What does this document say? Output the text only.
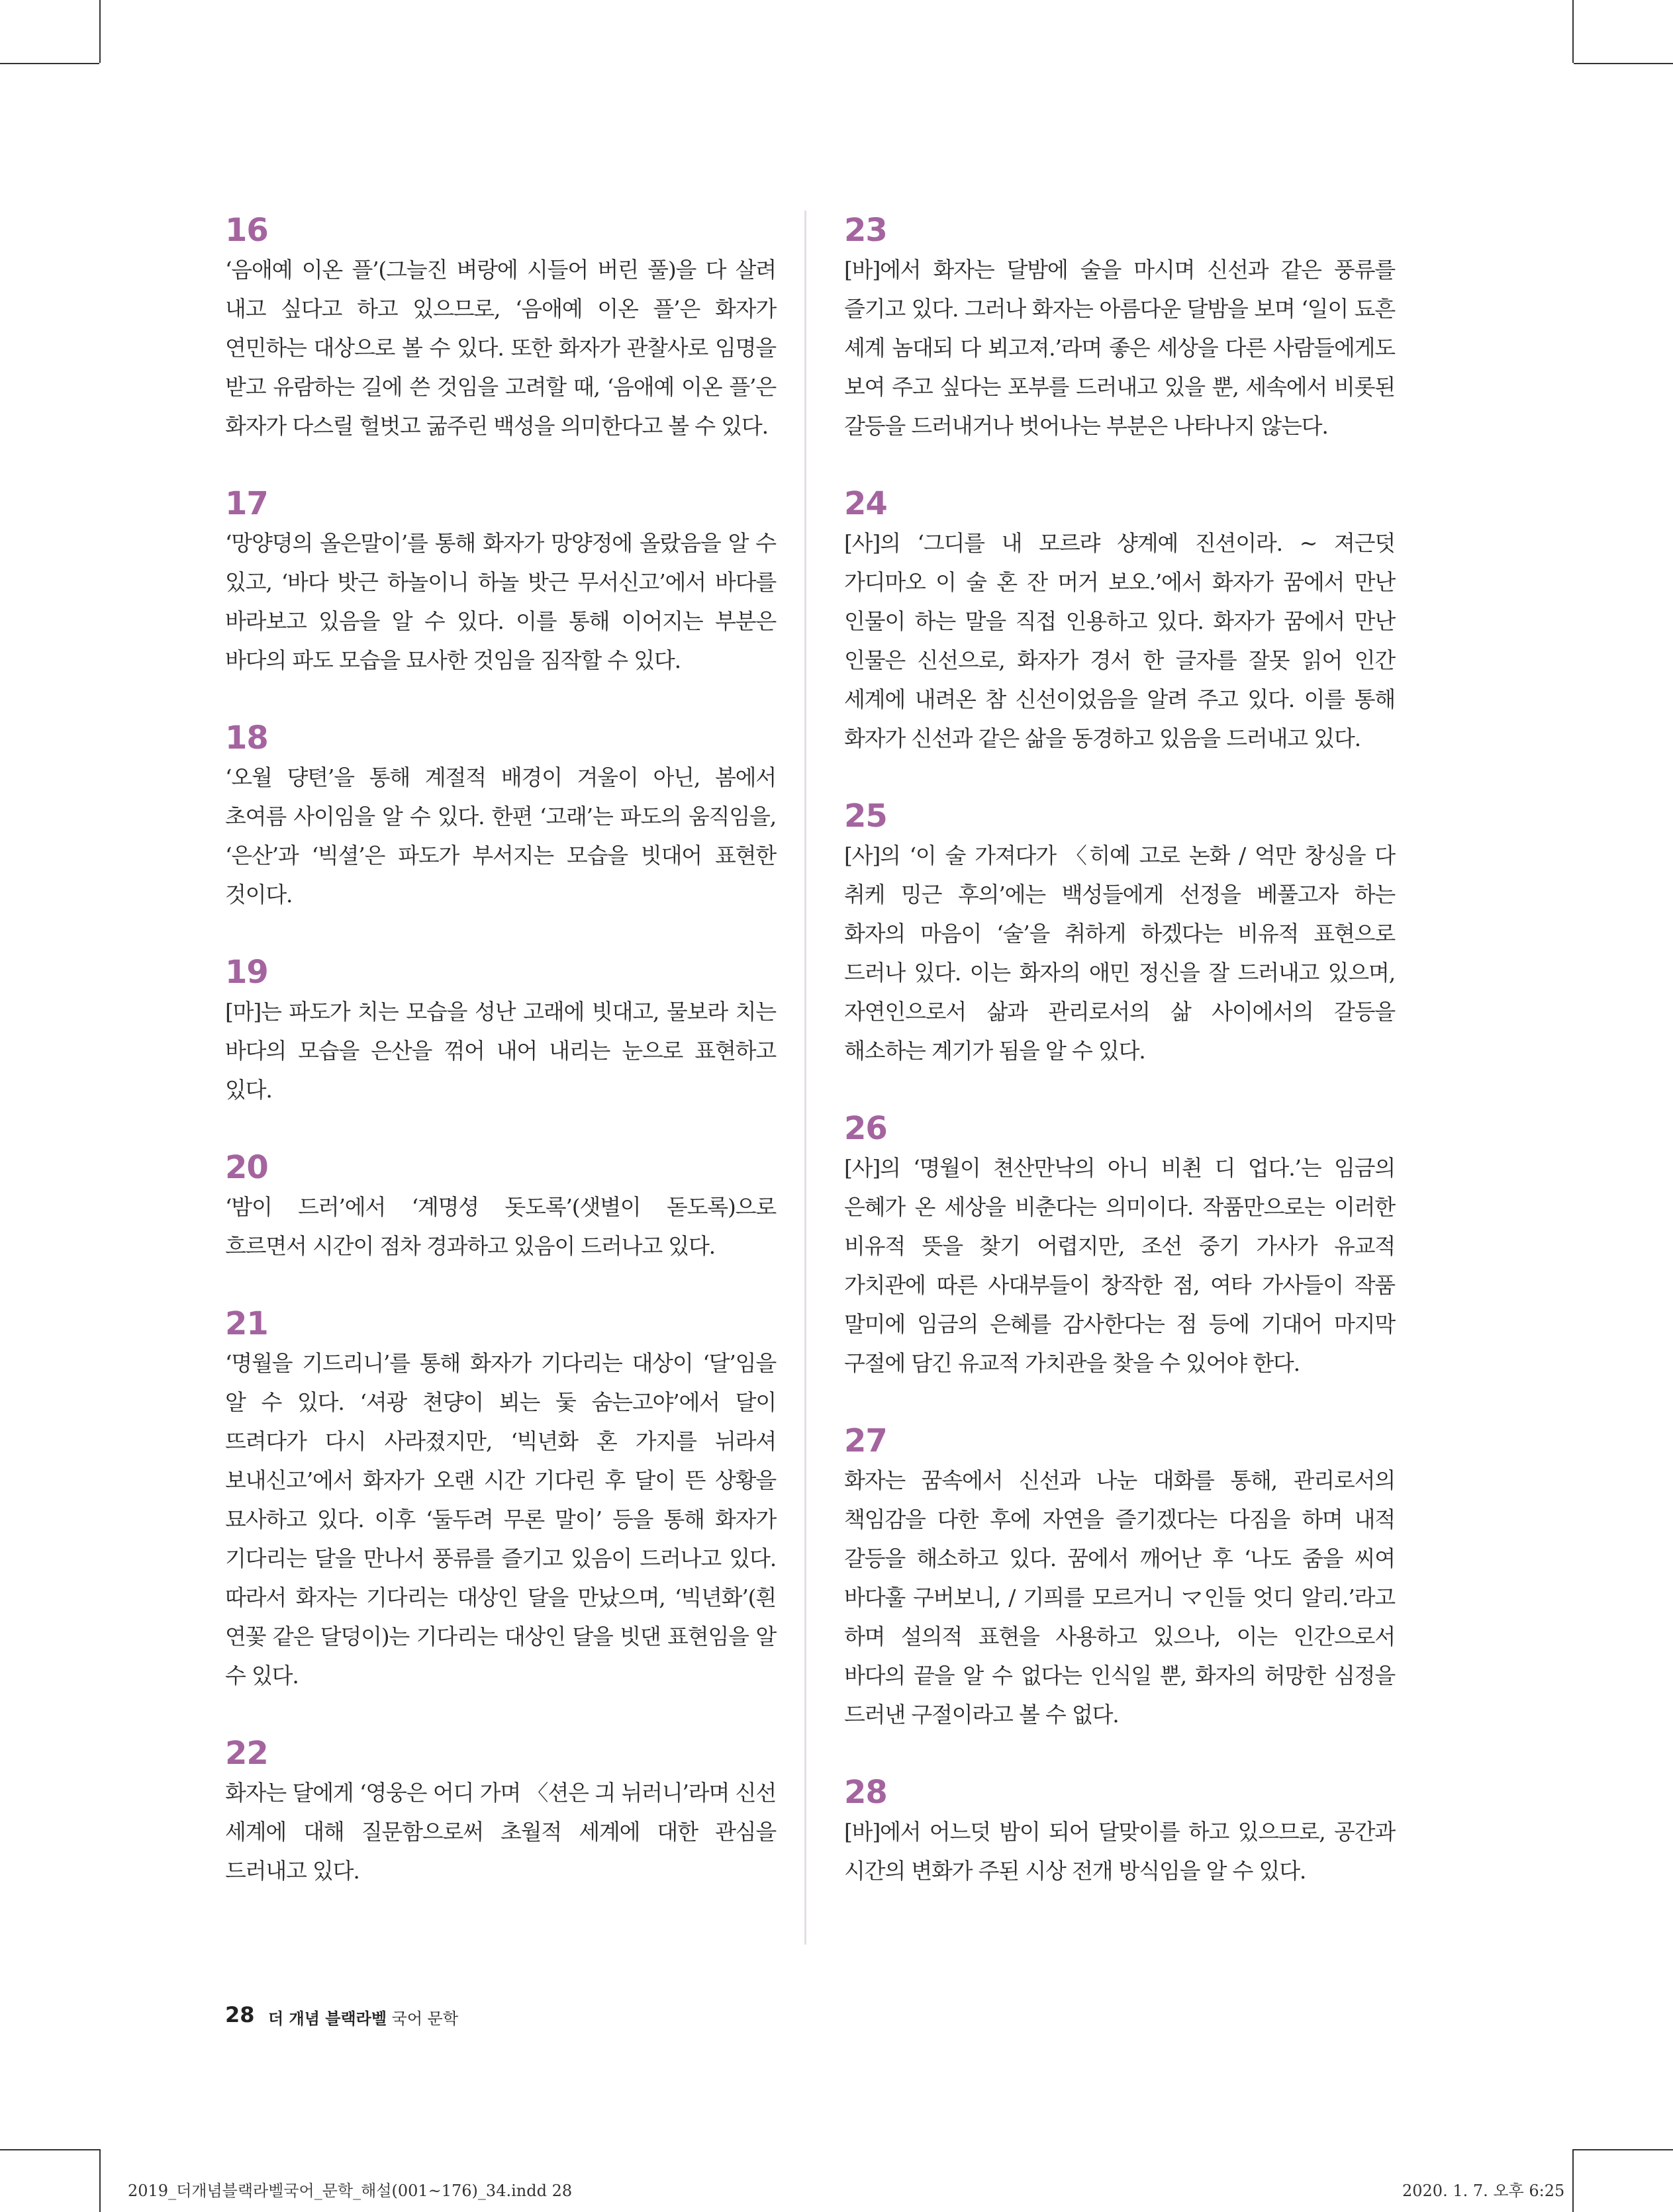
16

‘음애예 이온 플’(그늘진 벼랑에 시들어 버린 풀)을 다 살려 내고 싶다고 하고 있으므로, ‘음애예 이온 플’은 화자가 연민하는 대상으로 볼 수 있다. 또한 화자가 관찰사로 임명을 받고 유람하는 길에 쓴 것임을 고려할 때, ‘음애예 이온 플’은 화자가 다스릴 헐벗고 굶주린 백성을 의미한다고 볼 수 있다.

17

‘망양뎡의 올은말이’를 통해 화자가 망양정에 올랐음을 알 수 있고, ‘바다 밧근 하놀이니 하놀 밧근 무서신고’에서 바다를 바라보고 있음을 알 수 있다. 이를 통해 이어지는 부분은 바다의 파도 모습을 묘사한 것임을 짐작할 수 있다.

18

‘오월 댱텬’을 통해 계절적 배경이 겨울이 아닌, 봄에서 초여름 사이임을 알 수 있다. 한편 ‘고래’는 파도의 움직임을, ‘은산’과 ‘빅셜’은 파도가 부서지는 모습을 빗대어 표현한 것이다.

19

[마]는 파도가 치는 모습을 성난 고래에 빗대고, 물보라 치는 바다의 모습을 은산을 꺾어 내어 내리는 눈으로 표현하고 있다.

20

‘밤이 드러’에서 ‘계명셩 돗도록’(샛별이 돋도록)으로 흐르면서 시간이 점차 경과하고 있음이 드러나고 있다.

21

‘명월을 기드리니’를 통해 화자가 기다리는 대상이 ‘달’임을 알 수 있다. ‘셔광 쳔댱이 뵈는 둧 숨는고야’에서 달이 뜨려다가 다시 사라졌지만, ‘빅년화 혼 가지를 뉘라셔 보내신고’에서 화자가 오랜 시간 기다린 후 달이 뜬 상황을 묘사하고 있다. 이후 ‘둘두려 무론 말이’ 등을 통해 화자가 기다리는 달을 만나서 풍류를 즐기고 있음이 드러나고 있다. 따라서 화자는 기다리는 대상인 달을 만났으며, ‘빅년화’(흰 연꽃 같은 달덩이)는 기다리는 대상인 달을 빗댄 표현임을 알 수 있다.

22

화자는 달에게 ‘영웅은 어디 가며 〈션은 긔 뉘러니’라며 신선 세계에 대해 질문함으로써 초월적 세계에 대한 관심을 드러내고 있다.

23

[바]에서 화자는 달밤에 술을 마시며 신선과 같은 풍류를 즐기고 있다. 그러나 화자는 아름다운 달밤을 보며 ‘일이 됴흔 셰계 놈대되 다 뵈고져.’라며 좋은 세상을 다른 사람들에게도 보여 주고 싶다는 포부를 드러내고 있을 뿐, 세속에서 비롯된 갈등을 드러내거나 벗어나는 부분은 나타나지 않는다.

24

[사]의 ‘그디를 내 모르랴 샹계예 진션이라. ~ 져근덧 가디마오 이 술 혼 잔 머거 보오.’에서 화자가 꿈에서 만난 인물이 하는 말을 직접 인용하고 있다. 화자가 꿈에서 만난 인물은 신선으로, 화자가 경서 한 글자를 잘못 읽어 인간 세계에 내려온 참 신선이었음을 알려 주고 있다. 이를 통해 화자가 신선과 같은 삶을 동경하고 있음을 드러내고 있다.

25

[사]의 ‘이 술 가져다가 〈히예 고로 논화 / 억만 창싱을 다 취케 밍근 후의’에는 백성들에게 선정을 베풀고자 하는 화자의 마음이 ‘술’을 취하게 하겠다는 비유적 표현으로 드러나 있다. 이는 화자의 애민 정신을 잘 드러내고 있으며, 자연인으로서 삶과 관리로서의 삶 사이에서의 갈등을 해소하는 계기가 됨을 알 수 있다.

26

[사]의 ‘명월이 쳔산만낙의 아니 비쵠 디 업다.’는 임금의 은혜가 온 세상을 비춘다는 의미이다. 작품만으로는 이러한 비유적 뜻을 찾기 어렵지만, 조선 중기 가사가 유교적 가치관에 따른 사대부들이 창작한 점, 여타 가사들이 작품 말미에 임금의 은혜를 감사한다는 점 등에 기대어 마지막 구절에 담긴 유교적 가치관을 찾을 수 있어야 한다.

27

화자는 꿈속에서 신선과 나눈 대화를 통해, 관리로서의 책임감을 다한 후에 자연을 즐기겠다는 다짐을 하며 내적 갈등을 해소하고 있다. 꿈에서 깨어난 후 ‘나도 줌을 씨여 바다훌 구버보니, / 기픠를 모르거니 マ인들 엇디 알리.’라고 하며 설의적 표현을 사용하고 있으나, 이는 인간으로서 바다의 끝을 알 수 없다는 인식일 뿐, 화자의 허망한 심정을 드러낸 구절이라고 볼 수 없다.

28

[바]에서 어느덧 밤이 되어 달맞이를 하고 있으므로, 공간과 시간의 변화가 주된 시상 전개 방식임을 알 수 있다.

28 더 개념 블랙라벨 국어 문학
2019_더개념블랙라벨국어_문학_해설(001~176)_34.indd 28	2020. 1. 7. 오후 6:25
